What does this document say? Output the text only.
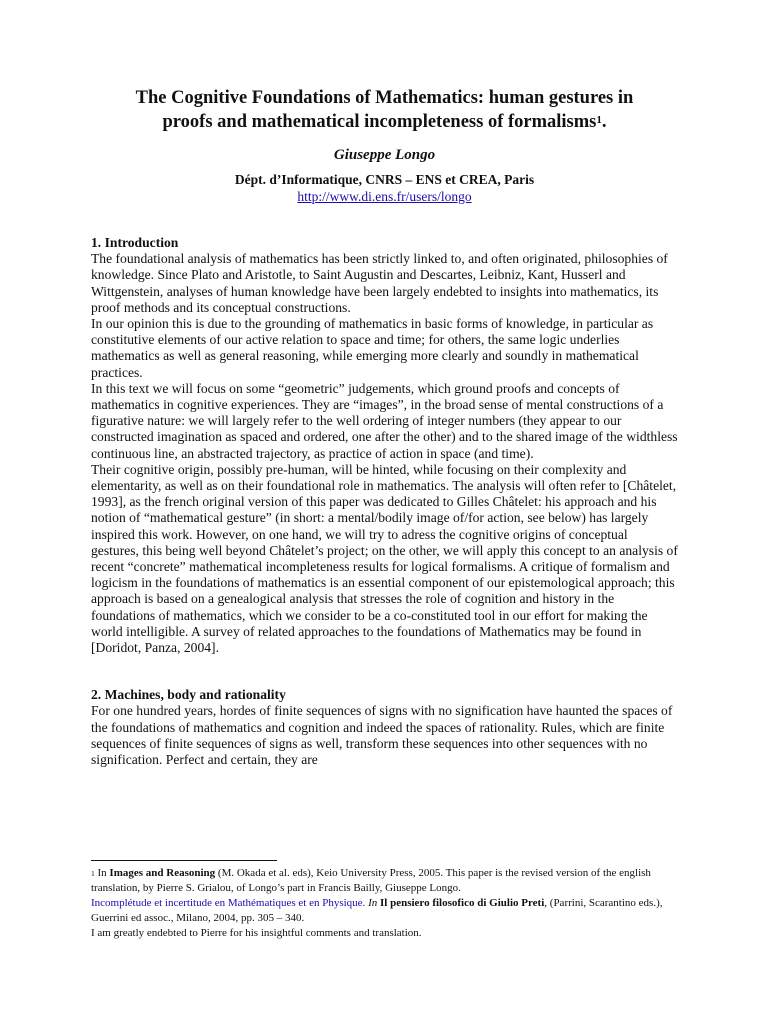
The Cognitive Foundations of Mathematics: human gestures in
proofs and mathematical incompleteness of formalisms$^1$.
Giuseppe Longo
Dépt. d’Informatique, CNRS – ENS et CREA, Paris
http://www.di.ens.fr/users/longo
1. Introduction

The foundational analysis of mathematics has been strictly linked to, and often originated, philosophies of knowledge. Since Plato and Aristotle, to Saint Augustin and Descartes, Leibniz, Kant, Husserl and Wittgenstein, analyses of human knowledge have been largely endebted to insights into mathematics, its proof methods and its conceptual constructions.

In our opinion this is due to the grounding of mathematics in basic forms of knowledge, in particular as constitutive elements of our active relation to space and time; for others, the same logic underlies mathematics as well as general reasoning, while emerging more clearly and soundly in mathematical practices.

In this text we will focus on some “geometric” judgements, which ground proofs and concepts of mathematics in cognitive experiences. They are “images”, in the broad sense of mental constructions of a figurative nature: we will largely refer to the well ordering of integer numbers (they appear to our constructed imagination as spaced and ordered, one after the other) and to the shared image of the widthless continuous line, an abstracted trajectory, as practice of action in space (and time).

Their cognitive origin, possibly pre-human, will be hinted, while focusing on their complexity and elementarity, as well as on their foundational role in mathematics. The analysis will often refer to [Châtelet, 1993], as the french original version of this paper was dedicated to Gilles Châtelet: his approach and his notion of “mathematical gesture” (in short: a mental/bodily image of/for action, see below) has largely inspired this work. However, on one hand, we will try to adress the cognitive origins of conceptual gestures, this being well beyond Châtelet’s project; on the other, we will apply this concept to an analysis of recent “concrete” mathematical incompleteness results for logical formalisms. A critique of formalism and logicism in the foundations of mathematics is an essential component of our epistemological approach; this approach is based on a genealogical analysis that stresses the role of cognition and history in the foundations of mathematics, which we consider to be a co-constituted tool in our effort for making the world intelligible. A survey of related approaches to the foundations of Mathematics may be found in [Doridot, Panza, 2004].

2. Machines, body and rationality

For one hundred years, hordes of finite sequences of signs with no signification have haunted the spaces of the foundations of mathematics and cognition and indeed the spaces of rationality. Rules, which are finite sequences of finite sequences of signs as well, transform these sequences into other sequences with no signification. Perfect and certain, they are

$^1$ In Images and Reasoning (M. Okada et al. eds), Keio University Press, 2005. This paper is the revised version of the english translation, by Pierre S. Grialou, of Longo’s part in Francis Bailly, Giuseppe Longo.
Incomplétude et incertitude en Mathématiques et en Physique. In Il pensiero filosofico di Giulio Preti, (Parrini, Scarantino eds.), Guerrini ed assoc., Milano, 2004, pp. 305 – 340.
I am greatly endebted to Pierre for his insightful comments and translation.
